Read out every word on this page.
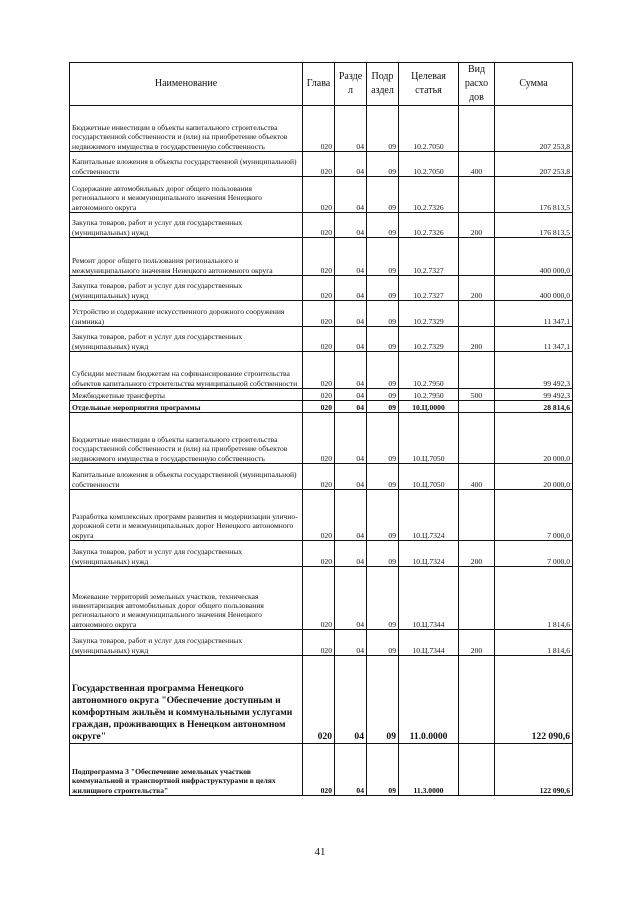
Наименование	Глава	Разде л	Подр аздел	Целевая статья	Вид расхо дов	Сумма
Бюджетные инвестиции в объекты капитального строительства государственной собственности и (или) на приобретение объектов недвижимого имущества в государственную собственность	020	04	09	10.2.7050		207 253,8
Капитальные вложения в объекты государственной (муниципальной) собственности	020	04	09	10.2.7050	400	207 253,8
Содержание автомобильных дорог общего пользования регионального и межмуниципального значения Ненецкого автономного округа	020	04	09	10.2.7326		176 813,5
Закупка товаров, работ и услуг для государственных (муниципальных) нужд	020	04	09	10.2.7326	200	176 813,5
Ремонт дорог общего пользования регионального и межмуниципального значения Ненецкого автономного округа	020	04	09	10.2.7327		400 000,0
Закупка товаров, работ и услуг для государственных (муниципальных) нужд	020	04	09	10.2.7327	200	400 000,0
Устройство и содержание искусственного дорожного сооружения (зимника)	020	04	09	10.2.7329		11 347,1
Закупка товаров, работ и услуг для государственных (муниципальных) нужд	020	04	09	10.2.7329	200	11 347,1
Субсидии местным бюджетам на софинансирование строительства объектов капитального строительства муниципальной собственности	020	04	09	10.2.7950		99 492,3
Межбюджетные трансферты	020	04	09	10.2.7950	500	99 492,3
Отдельные мероприятия программы	020	04	09	10.Ц.0000		28 814,6
Бюджетные инвестиции в объекты капитального строительства государственной собственности и (или) на приобретение объектов недвижимого имущества в государственную собственность	020	04	09	10.Ц.7050		20 000,0
Капитальные вложения в объекты государственной (муниципальной) собственности	020	04	09	10.Ц.7050	400	20 000,0
Разработка комплексных программ развития и модернизации улично-дорожной сети и межмуниципальных дорог Ненецкого автономного округа	020	04	09	10.Ц.7324		7 000,0
Закупка товаров, работ и услуг для государственных (муниципальных) нужд	020	04	09	10.Ц.7324	200	7 000,0
Межевание территорий земельных участков, техническая инвентаризация автомобильных дорог общего пользования регионального и межмуниципального значения Ненецкого автономного округа	020	04	09	10.Ц.7344		1 814,6
Закупка товаров, работ и услуг для государственных (муниципальных) нужд	020	04	09	10.Ц.7344	200	1 814,6
Государственная программа Ненецкого автономного округа "Обеспечение доступным и комфортным жильём и коммунальными услугами граждан, проживающих в Ненецком автономном округе"	020	04	09	11.0.0000		122 090,6
Подпрограмма 3 "Обеспечение земельных участков коммунальной и транспортной инфраструктурами в целях жилищного строительства"	020	04	09	11.3.0000		122 090,6
41
